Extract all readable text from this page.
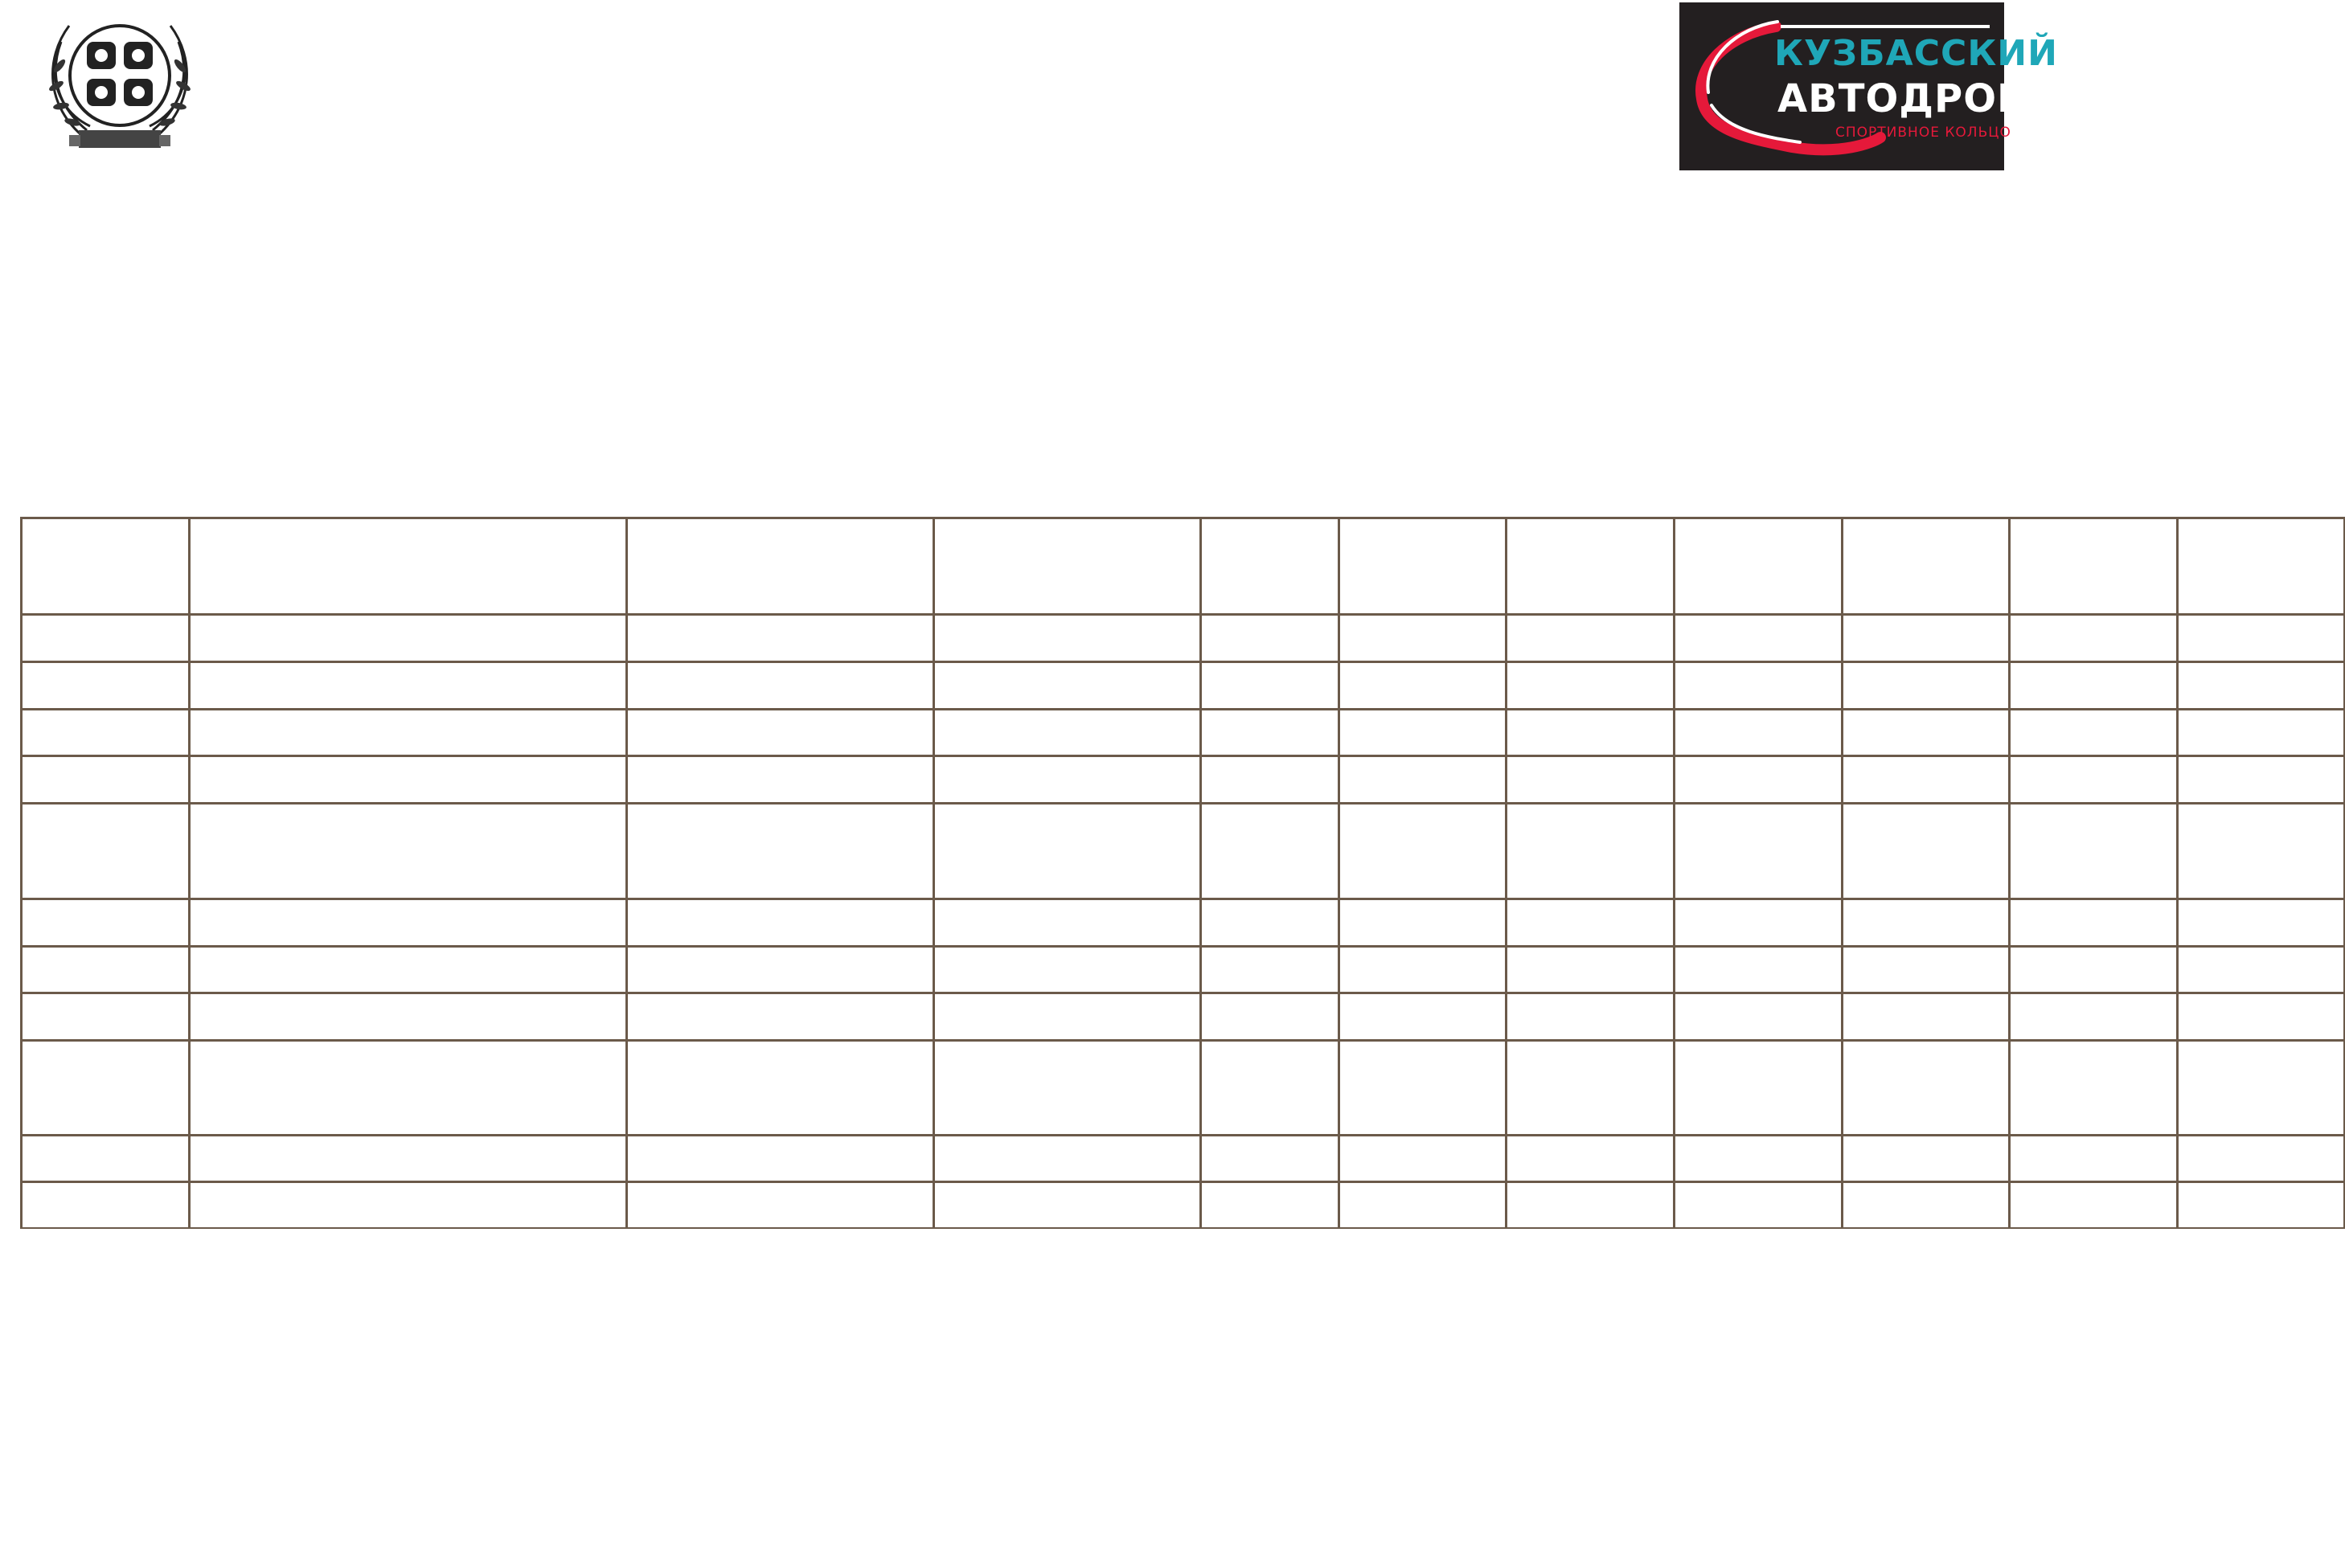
КУЗБАССКИЙ
АВТОДРОМ
СПОРТИВНОЕ КОЛЬЦО
